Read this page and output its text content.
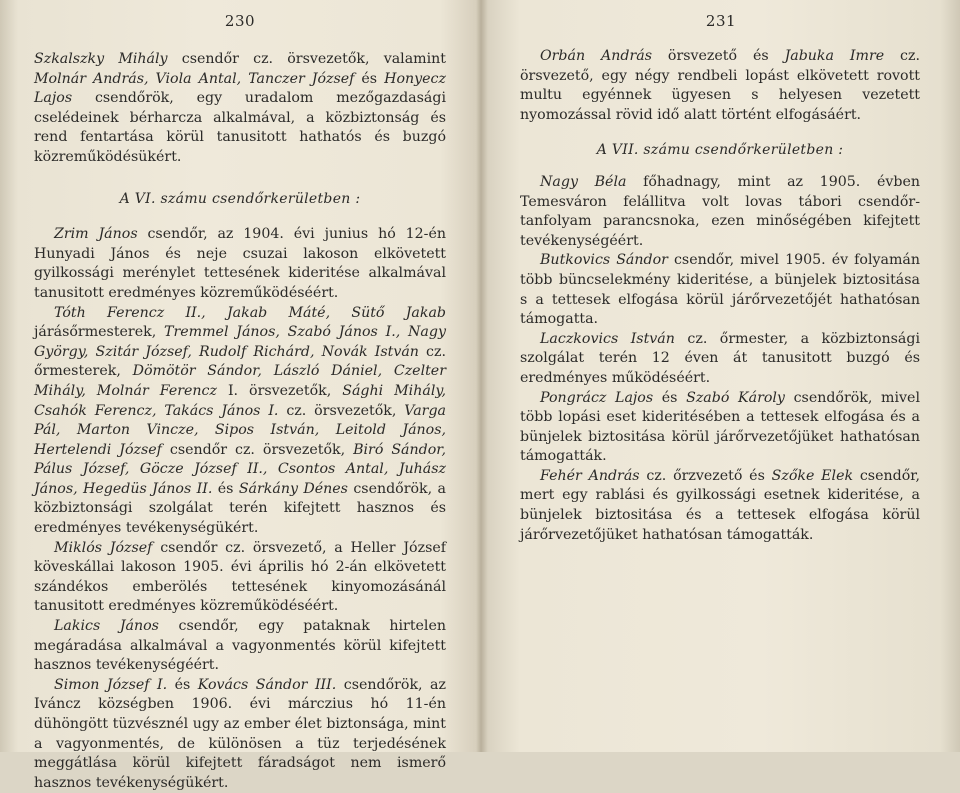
230

Szkalszky Mihály csendőr cz. örsvezetők, valamint Molnár András, Viola Antal, Tanczer József és Honyecz Lajos csendőrök, egy uradalom mezőgazdasági cselédeinek bérharcza alkalmával, a közbiztonság és rend fentartása körül tanusitott hathatós és buzgó közreműködésükért.

A VI. számu csendőrkerületben :

Zrim János csendőr, az 1904. évi junius hó 12-én Hunyadi János és neje csuzai lakoson elkövetett gyilkossági merénylet tettesének kideritése alkalmával tanusitott eredményes közreműködéséért.

Tóth Ferencz II., Jakab Máté, Sütő Jakab járásőrmesterek, Tremmel János, Szabó János I., Nagy György, Szitár József, Rudolf Richárd, Novák István cz. őrmesterek, Dömötör Sándor, László Dániel, Czelter Mihály, Molnár Ferencz I. örsvezetők, Sághi Mihály, Csahók Ferencz, Takács János I. cz. örsvezetők, Varga Pál, Marton Vincze, Sipos István, Leitold János, Hertelendi József csendőr cz. örsvezetők, Biró Sándor, Pálus József, Göcze József II., Csontos Antal, Juhász János, Hegedüs János II. és Sárkány Dénes csendőrök, a közbiztonsági szolgálat terén kifejtett hasznos és eredményes tevékenységükért.

Miklós József csendőr cz. örsvezető, a Heller József köveskállai lakoson 1905. évi április hó 2-án elkövetett szándékos emberölés tettesének kinyomozásánál tanusitott eredményes közreműködéséért.

Lakics János csendőr, egy pataknak hirtelen megáradása alkalmával a vagyonmentés körül kifejtett hasznos tevékenységéért.

Simon József I. és Kovács Sándor III. csendőrök, az Iváncz községben 1906. évi márczius hó 11-én dühöngött tüzvésznél ugy az ember élet biztonsága, mint a vagyonmentés, de különösen a tüz terjedésének meggátlása körül kifejtett fáradságot nem ismerő hasznos tevékenységükért.

231

Orbán András örsvezető és Jabuka Imre cz. örsvezető, egy négy rendbeli lopást elkövetett rovott multu egyénnek ügyesen s helyesen vezetett nyomozással rövid idő alatt történt elfogásáért.

A VII. számu csendőrkerületben :

Nagy Béla főhadnagy, mint az 1905. évben Temesváron felállitva volt lovas tábori csendőr-tanfolyam parancsnoka, ezen minőségében kifejtett tevékenységéért.

Butkovics Sándor csendőr, mivel 1905. év folyamán több büncselekmény kideritése, a bünjelek biztositása s a tettesek elfogása körül járőrvezetőjét hathatósan támogatta.

Laczkovics István cz. őrmester, a közbiztonsági szolgálat terén 12 éven át tanusitott buzgó és eredményes működéséért.

Pongrácz Lajos és Szabó Károly csendőrök, mivel több lopási eset kideritésében a tettesek elfogása és a bünjelek biztositása körül járőrvezetőjüket hathatósan támogatták.

Fehér András cz. őrzvezető és Szőke Elek csendőr, mert egy rablási és gyilkossági esetnek kideritése, a bünjelek biztositása és a tettesek elfogása körül járőrvezetőjüket hathatósan támogatták.
